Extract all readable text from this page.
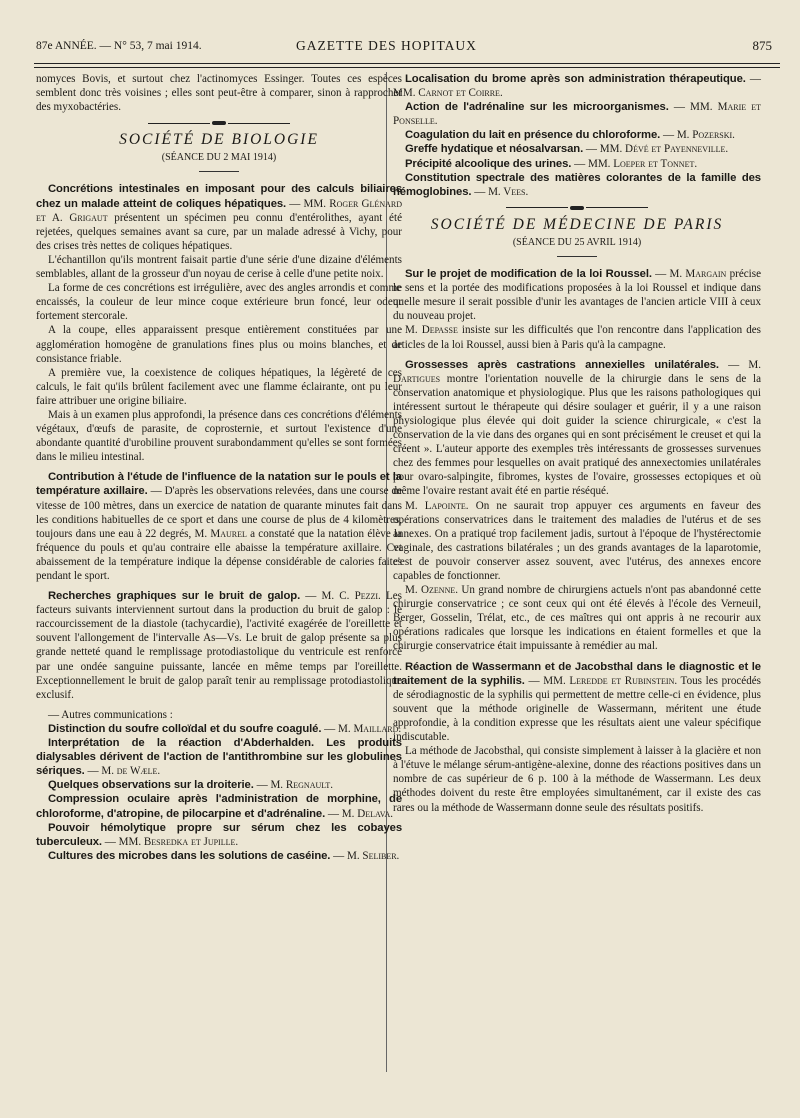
87e ANNÉE. — N° 53, 7 mai 1914.	GAZETTE DES HOPITAUX	875

nomyces Bovis, et surtout chez l'actinomyces Essinger. Toutes ces espèces semblent donc très voisines ; elles sont peut-être à comparer, sinon à rapprocher des myxobactéries.

SOCIÉTÉ DE BIOLOGIE
(SÉANCE DU 2 MAI 1914)

Concrétions intestinales en imposant pour des calculs biliaires chez un malade atteint de coliques hépatiques. — MM. Roger Glénard et A. Grigaut présentent un spécimen peu connu d'entérolithes, ayant été rejetées, quelques semaines avant sa cure, par un malade adressé à Vichy, pour des crises très nettes de coliques hépatiques.

L'échantillon qu'ils montrent faisait partie d'une série d'une dizaine d'éléments semblables, allant de la grosseur d'un noyau de cerise à celle d'une petite noix.

La forme de ces concrétions est irrégulière, avec des angles arrondis et comme encaissés, la couleur de leur mince coque extérieure brun foncé, leur odeur fortement stercorale.

A la coupe, elles apparaissent presque entièrement constituées par une agglomération homogène de granulations fines plus ou moins blanches, et de consistance friable.

A première vue, la coexistence de coliques hépatiques, la légèreté de ces calculs, le fait qu'ils brûlent facilement avec une flamme éclairante, ont pu leur faire attribuer une origine biliaire.

Mais à un examen plus approfondi, la présence dans ces concrétions d'éléments végétaux, d'œufs de parasite, de coprosternie, et surtout l'existence d'une abondante quantité d'urobiline prouvent surabondamment qu'elles se sont formées dans le milieu intestinal.

Contribution à l'étude de l'influence de la natation sur le pouls et la température axillaire. — D'après les observations relevées, dans une course de vitesse de 100 mètres, dans un exercice de natation de quarante minutes fait dans les conditions habituelles de ce sport et dans une course de plus de 4 kilomètres, toujours dans une eau à 22 degrés, M. Maurel a constaté que la natation élève la fréquence du pouls et qu'au contraire elle abaisse la température axillaire. Cet abaissement de la température indique la dépense considérable de calories faites pendant le sport.

Recherches graphiques sur le bruit de galop. — M. C. Pezzi. Les facteurs suivants interviennent surtout dans la production du bruit de galop : le raccourcissement de la diastole (tachycardie), l'activité exagérée de l'oreillette et souvent l'allongement de l'intervalle As—Vs. Le bruit de galop présente sa plus grande netteté quand le remplissage protodiastolique du ventricule est renforcé par une ondée sanguine puissante, lancée en même temps par l'oreillette. Exceptionnellement le bruit de galop paraît tenir au remplissage protodiastolique exclusif.

— Autres communications :

Distinction du soufre colloïdal et du soufre coagulé. — M. Maillard.

Interprétation de la réaction d'Abderhalden. Les produits dialysables dérivent de l'action de l'antithrombine sur les globulines sériques. — M. de Wæle.

Quelques observations sur la droiterie. — M. Regnault.

Compression oculaire après l'administration de morphine, de chloroforme, d'atropine, de pilocarpine et d'adrénaline. — M. Delava.

Pouvoir hémolytique propre sur sérum chez les cobayes tuberculeux. — MM. Besredka et Jupille.

Cultures des microbes dans les solutions de caséine. — M. Seliber.

Localisation du brome après son administration thérapeutique. — MM. Carnot et Coirre.

Action de l'adrénaline sur les microorganismes. — MM. Marie et Ponselle.

Coagulation du lait en présence du chloroforme. — M. Pozerski.

Greffe hydatique et néosalvarsan. — MM. Dévé et Payenneville.

Précipité alcoolique des urines. — MM. Loeper et Tonnet.

Constitution spectrale des matières colorantes de la famille des hémoglobines. — M. Vees.

SOCIÉTÉ DE MÉDECINE DE PARIS
(SÉANCE DU 25 AVRIL 1914)

Sur le projet de modification de la loi Roussel. — M. Margain précise le sens et la portée des modifications proposées à la loi Roussel et indique dans quelle mesure il serait possible d'unir les avantages de l'ancien article VIII à ceux du nouveau projet.

M. Depasse insiste sur les difficultés que l'on rencontre dans l'application des articles de la loi Roussel, aussi bien à Paris qu'à la campagne.

Grossesses après castrations annexielles unilatérales. — M. Dartigues montre l'orientation nouvelle de la chirurgie dans le sens de la conservation anatomique et physiologique. Plus que les raisons pathologiques qui intéressent surtout le thérapeute qui désire soulager et guérir, il y a une raison physiologique plus élevée qui doit guider la science chirurgicale, « c'est la conservation de la vie dans des organes qui en sont précisément le creuset et qui la créent ». L'auteur apporte des exemples très intéressants de grossesses survenues chez des femmes pour lesquelles on avait pratiqué des annexectomies unilatérales pour ovaro-salpingite, fibromes, kystes de l'ovaire, grossesses ectopiques et où même l'ovaire restant avait été en partie réséqué.

M. Lapointe. On ne saurait trop appuyer ces arguments en faveur des opérations conservatrices dans le traitement des maladies de l'utérus et de ses annexes. On a pratiqué trop facilement jadis, surtout à l'époque de l'hystérectomie vaginale, des castrations bilatérales ; un des grands avantages de la laparotomie, c'est de pouvoir conserver assez souvent, avec l'utérus, des annexes encore capables de fonctionner.

M. Ozenne. Un grand nombre de chirurgiens actuels n'ont pas abandonné cette chirurgie conservatrice ; ce sont ceux qui ont été élevés à l'école des Verneuil, Berger, Gosselin, Trélat, etc., de ces maîtres qui ont appris à ne recourir aux opérations radicales que lorsque les indications en étaient formelles et que la chirurgie conservatrice était impuissante à remédier au mal.

Réaction de Wassermann et de Jacobsthal dans le diagnostic et le traitement de la syphilis. — MM. Leredde et Rubinstein. Tous les procédés de sérodiagnostic de la syphilis qui permettent de mettre celle-ci en évidence, plus souvent que la méthode originelle de Wassermann, méritent une étude approfondie, à la condition expresse que les résultats aient une valeur spécifique indiscutable.

La méthode de Jacobsthal, qui consiste simplement à laisser à la glacière et non à l'étuve le mélange sérum-antigène-alexine, donne des réactions positives dans un nombre de cas supérieur de 6 p. 100 à la méthode de Wassermann. Les deux méthodes doivent du reste être employées simultanément, car il existe des cas rares ou la méthode de Wassermann donne seule des résultats positifs.
